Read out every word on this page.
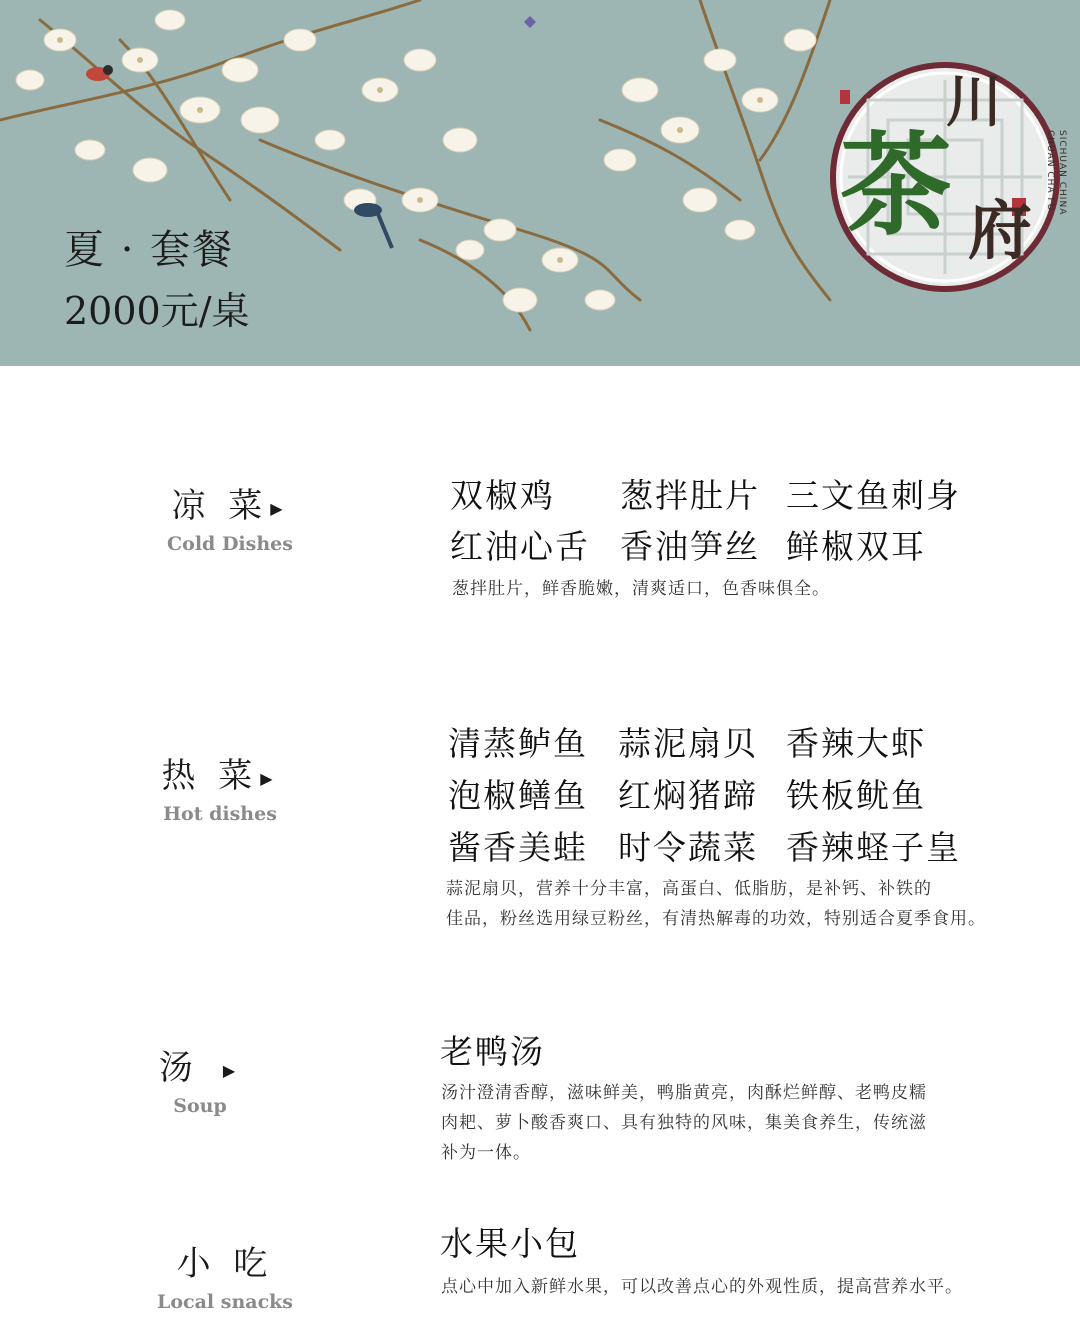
夏 · 套餐
2000元/桌
川
茶 府
SICHUAN CHINA
CHUAN CHA FU
凉 菜 ▶
Cold Dishes
双椒鸡 葱拌肚片 三文鱼刺身
红油心舌 香油笋丝 鲜椒双耳
葱拌肚片，鲜香脆嫩，清爽适口，色香味俱全。
热 菜 ▶
Hot dishes
清蒸鲈鱼 蒜泥扇贝 香辣大虾
泡椒鳝鱼 红焖猪蹄 铁板鱿鱼
酱香美蛙 时令蔬菜 香辣蛏子皇
蒜泥扇贝，营养十分丰富，高蛋白、低脂肪，是补钙、补铁的
佳品，粉丝选用绿豆粉丝，有清热解毒的功效，特别适合夏季食用。
汤 ▶
Soup
老鸭汤
汤汁澄清香醇，滋味鲜美，鸭脂黄亮，肉酥烂鲜醇、老鸭皮糯
肉耙、萝卜酸香爽口、具有独特的风味，集美食养生，传统滋
补为一体。
小 吃
Local snacks
水果小包
点心中加入新鲜水果，可以改善点心的外观性质，提高营养水平。
